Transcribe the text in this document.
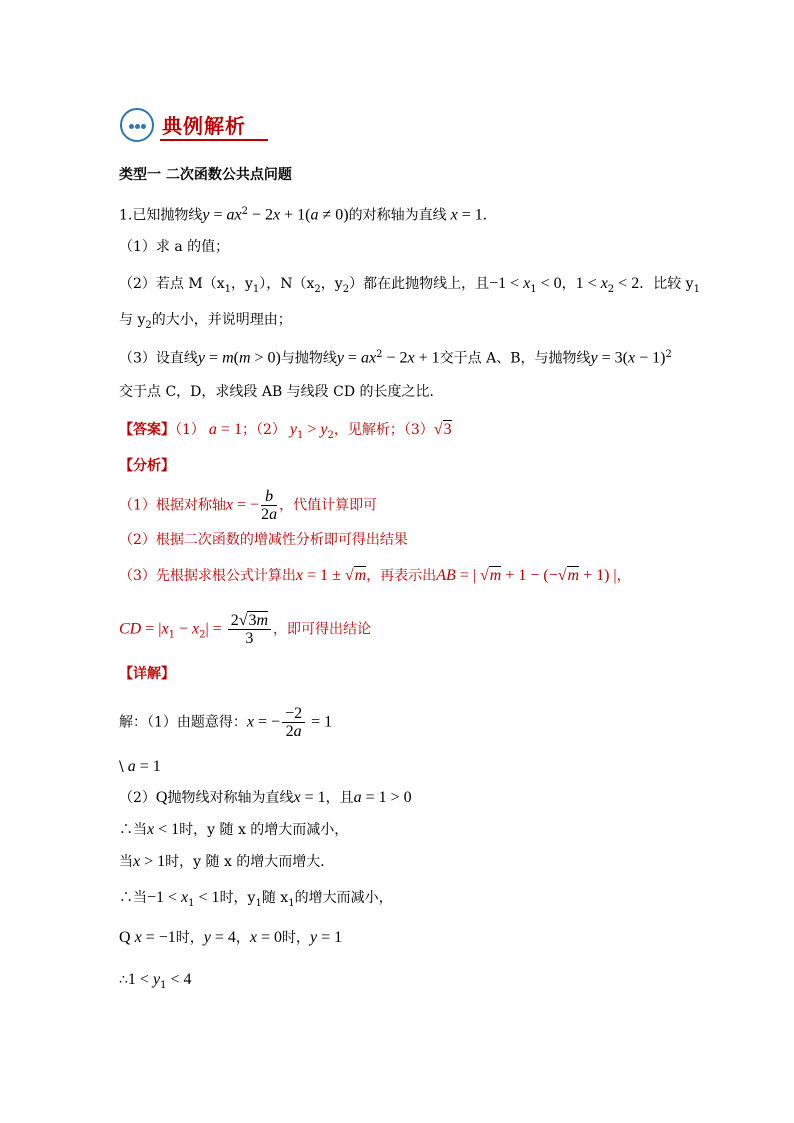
典例解析
类型一 二次函数公共点问题
1.已知抛物线$y = ax^2 - 2x + 1(a \ne 0)$的对称轴为直线 x = 1．
（1）求 a 的值；
（2）若点 $M(x_1$，$y_1$），$N(x_2$，$y_2$）都在此抛物线上，且$-1 < x_1 < 0$，$1 < x_2 < 2$．比较 $y_1$
与 $y_2$的大小，并说明理由；
（3）设直线y = m(m > 0)与抛物线$y = ax^2 - 2x + 1$交于点 A、B，与抛物线$y = 3(x - 1)^2$
交于点 C，D，求线段 AB 与线段 CD 的长度之比．
【答案】（1） a = 1；（2） $y_1 > y_2$，见解析；（3）√3
【分析】
（1）根据对称轴x = − $\frac{b}{2a}$ ，代值计算即可
（2）根据二次函数的增减性分析即可得出结果
（3）先根据求根公式计算出x = 1 ± √m，再表示出AB = | √m + 1 − (−√m + 1) |，
CD = $|x_1 - x_2| = \frac{2√3m}{3}$ ，即可得出结论
【详解】
解：（1）由题意得：x = − $\frac{-2}{2a} = 1$
\ a = 1
（2）Q抛物线对称轴为直线x = 1，且a = 1 > 0
∴当x < 1时，y 随 x 的增大而减小，
当x > 1时，y 随 x 的增大而增大．
∴当$-1 < x_1 < 1$时，$y_1$随 $x_1$的增大而减小，
Q x = −1时，y = 4，x = 0时，y = 1
∴1 < $y_1 < 4$
